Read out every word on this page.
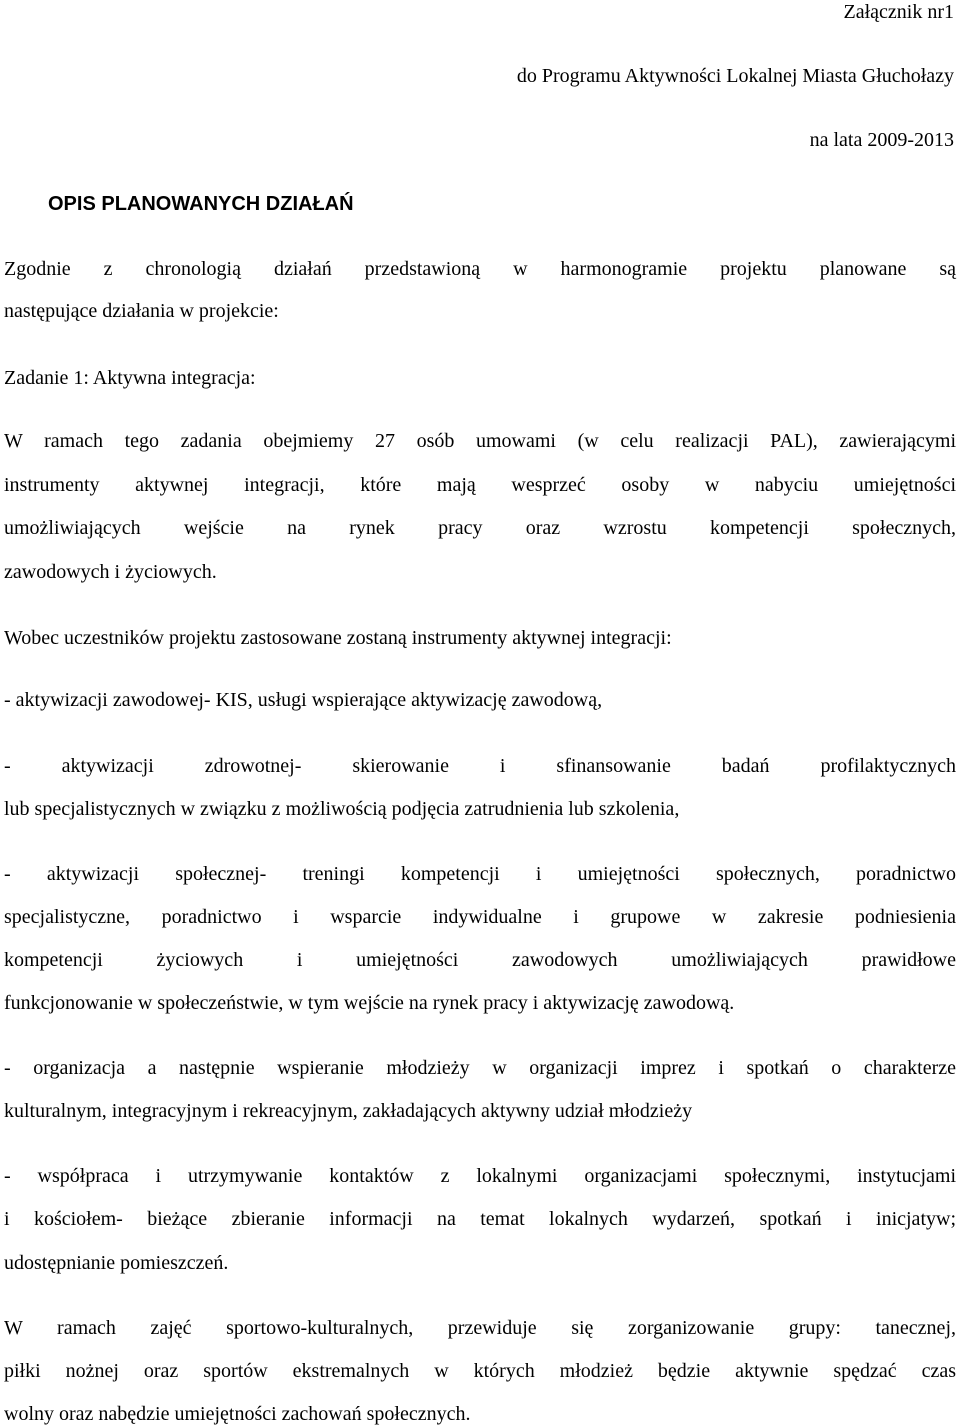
Załącznik nr1
do Programu Aktywności Lokalnej Miasta Głuchołazy
na lata 2009-2013
OPIS PLANOWANYCH DZIAŁAŃ
Zgodnie z chronologią działań przedstawioną w harmonogramie projektu planowane są
następujące działania w projekcie:
Zadanie 1: Aktywna integracja:
W ramach tego zadania obejmiemy 27 osób umowami (w celu realizacji PAL), zawierającymi
instrumenty aktywnej integracji, które mają wesprzeć osoby w nabyciu umiejętności
umożliwiających wejście na rynek pracy oraz wzrostu kompetencji społecznych,
zawodowych i życiowych.
Wobec uczestników projektu zastosowane zostaną instrumenty aktywnej integracji:
- aktywizacji zawodowej- KIS, usługi wspierające aktywizację zawodową,
- aktywizacji zdrowotnej- skierowanie i sfinansowanie badań profilaktycznych
lub specjalistycznych w związku z możliwością podjęcia zatrudnienia lub szkolenia,
- aktywizacji społecznej- treningi kompetencji i umiejętności społecznych, poradnictwo
specjalistyczne, poradnictwo i wsparcie indywidualne i grupowe w zakresie podniesienia
kompetencji życiowych i umiejętności zawodowych umożliwiających prawidłowe
funkcjonowanie w społeczeństwie, w tym wejście na rynek pracy i aktywizację zawodową.
- organizacja a następnie wspieranie młodzieży w organizacji imprez i spotkań o charakterze
kulturalnym, integracyjnym i rekreacyjnym, zakładających aktywny udział młodzieży
- współpraca i utrzymywanie kontaktów z lokalnymi organizacjami społecznymi, instytucjami
i kościołem- bieżące zbieranie informacji na temat lokalnych wydarzeń, spotkań i inicjatyw;
udostępnianie pomieszczeń.
W ramach zajęć sportowo-kulturalnych, przewiduje się zorganizowanie grupy: tanecznej,
piłki nożnej oraz sportów ekstremalnych w których młodzież będzie aktywnie spędzać czas
wolny oraz nabędzie umiejętności zachowań społecznych.
